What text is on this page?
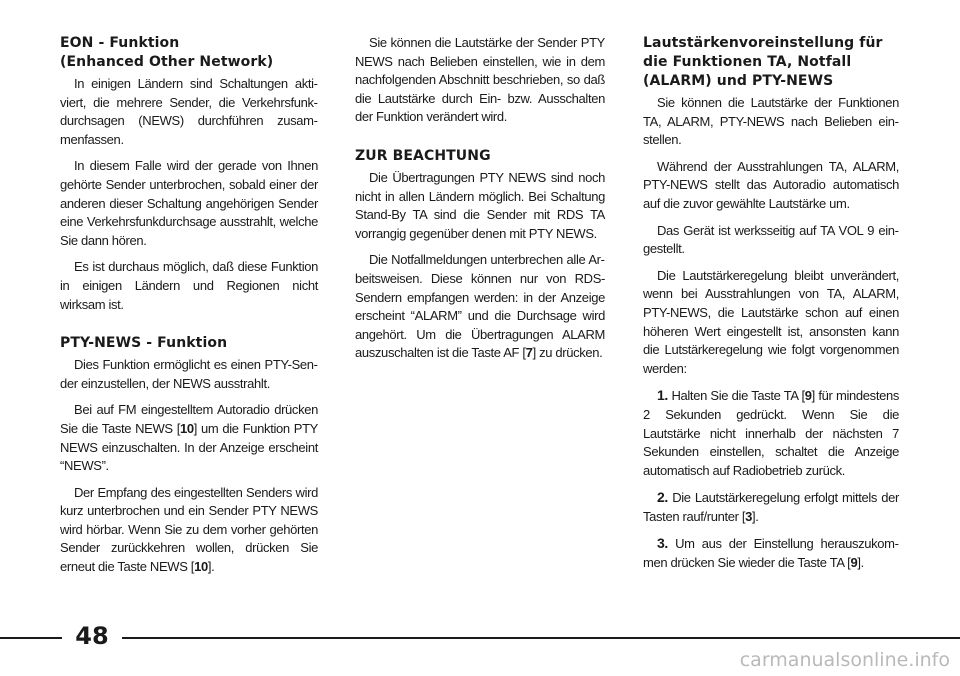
EON - Funktion
(Enhanced Other Network)

In einigen Ländern sind Schaltungen aktiviert, die mehrere Sender, die Verkehrsfunkdurchsagen (NEWS) durchführen zusammenfassen.

In diesem Falle wird der gerade von Ihnen gehörte Sender unterbrochen, sobald einer der anderen dieser Schaltung angehörigen Sender eine Verkehrsfunkdurchsage ausstrahlt, welche Sie dann hören.

Es ist durchaus möglich, daß diese Funktion in einigen Ländern und Regionen nicht wirksam ist.

PTY-NEWS - Funktion

Dies Funktion ermöglicht es einen PTY-Sender einzustellen, der NEWS ausstrahlt.

Bei auf FM eingestelltem Autoradio drücken Sie die Taste NEWS [10] um die Funktion PTY NEWS einzuschalten. In der Anzeige erscheint “NEWS”.

Der Empfang des eingestellten Senders wird kurz unterbrochen und ein Sender PTY NEWS wird hörbar. Wenn Sie zu dem vorher gehörten Sender zurückkehren wollen, drücken Sie erneut die Taste NEWS [10].

Sie können die Lautstärke der Sender PTY NEWS nach Belieben einstellen, wie in dem nachfolgenden Abschnitt beschrieben, so daß die Lautstärke durch Ein- bzw. Ausschalten der Funktion verändert wird.

ZUR BEACHTUNG

Die Übertragungen PTY NEWS sind noch nicht in allen Ländern möglich. Bei Schaltung Stand-By TA sind die Sender mit RDS TA vorrangig gegenüber denen mit PTY NEWS.

Die Notfallmeldungen unterbrechen alle Arbeitsweisen. Diese können nur von RDS-Sendern empfangen werden: in der Anzeige erscheint “ALARM” und die Durchsage wird angehört. Um die Übertragungen ALARM auszuschalten ist die Taste AF [7] zu drücken.

Lautstärkenvoreinstellung für
die Funktionen TA, Notfall
(ALARM) und PTY-NEWS

Sie können die Lautstärke der Funktionen TA, ALARM, PTY-NEWS nach Belieben einstellen.

Während der Ausstrahlungen TA, ALARM, PTY-NEWS stellt das Autoradio automatisch auf die zuvor gewählte Lautstärke um.

Das Gerät ist werksseitig auf TA VOL 9 eingestellt.

Die Lautstärkeregelung bleibt unverändert, wenn bei Ausstrahlungen von TA, ALARM, PTY-NEWS, die Lautstärke schon auf einen höheren Wert eingestellt ist, ansonsten kann die Lutstärkeregelung wie folgt vorgenommen werden:

1. Halten Sie die Taste TA [9] für mindestens 2 Sekunden gedrückt. Wenn Sie die Lautstärke nicht innerhalb der nächsten 7 Sekunden einstellen, schaltet die Anzeige automatisch auf Radiobetrieb zurück.

2. Die Lautstärkeregelung erfolgt mittels der Tasten rauf/runter [3].

3. Um aus der Einstellung herauszukommen drücken Sie wieder die Taste TA [9].

48
carmanualsonline.info
